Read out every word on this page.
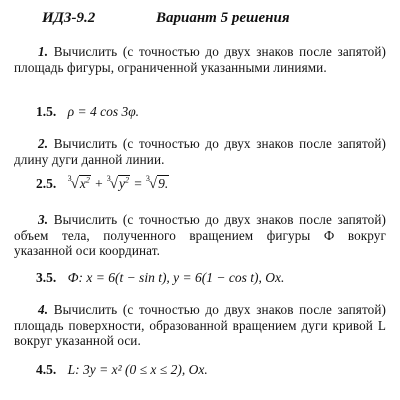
ИДЗ-9.2	Вариант 5 решения
1. Вычислить (с точностью до двух знаков после запятой) площадь фигуры, ограниченной указанными линиями.
1.5. ρ = 4 cos 3φ.
2. Вычислить (с точностью до двух знаков после запятой) длину дуги данной линии.
2.5. $^3√x^2 + ^3√y^2 = ^3√9$.
3. Вычислить (с точностью до двух знаков после запятой) объем тела, полученного вращением фигуры Ф вокруг указанной оси координат.
3.5. Ф: x = 6(t − sin t), y = 6(1 − cos t), Ox.
4. Вычислить (с точностью до двух знаков после запятой) площадь поверхности, образованной вращением дуги кривой L вокруг указанной оси.
4.5. L: 3y = x² (0 ≤ x ≤ 2), Ox.
